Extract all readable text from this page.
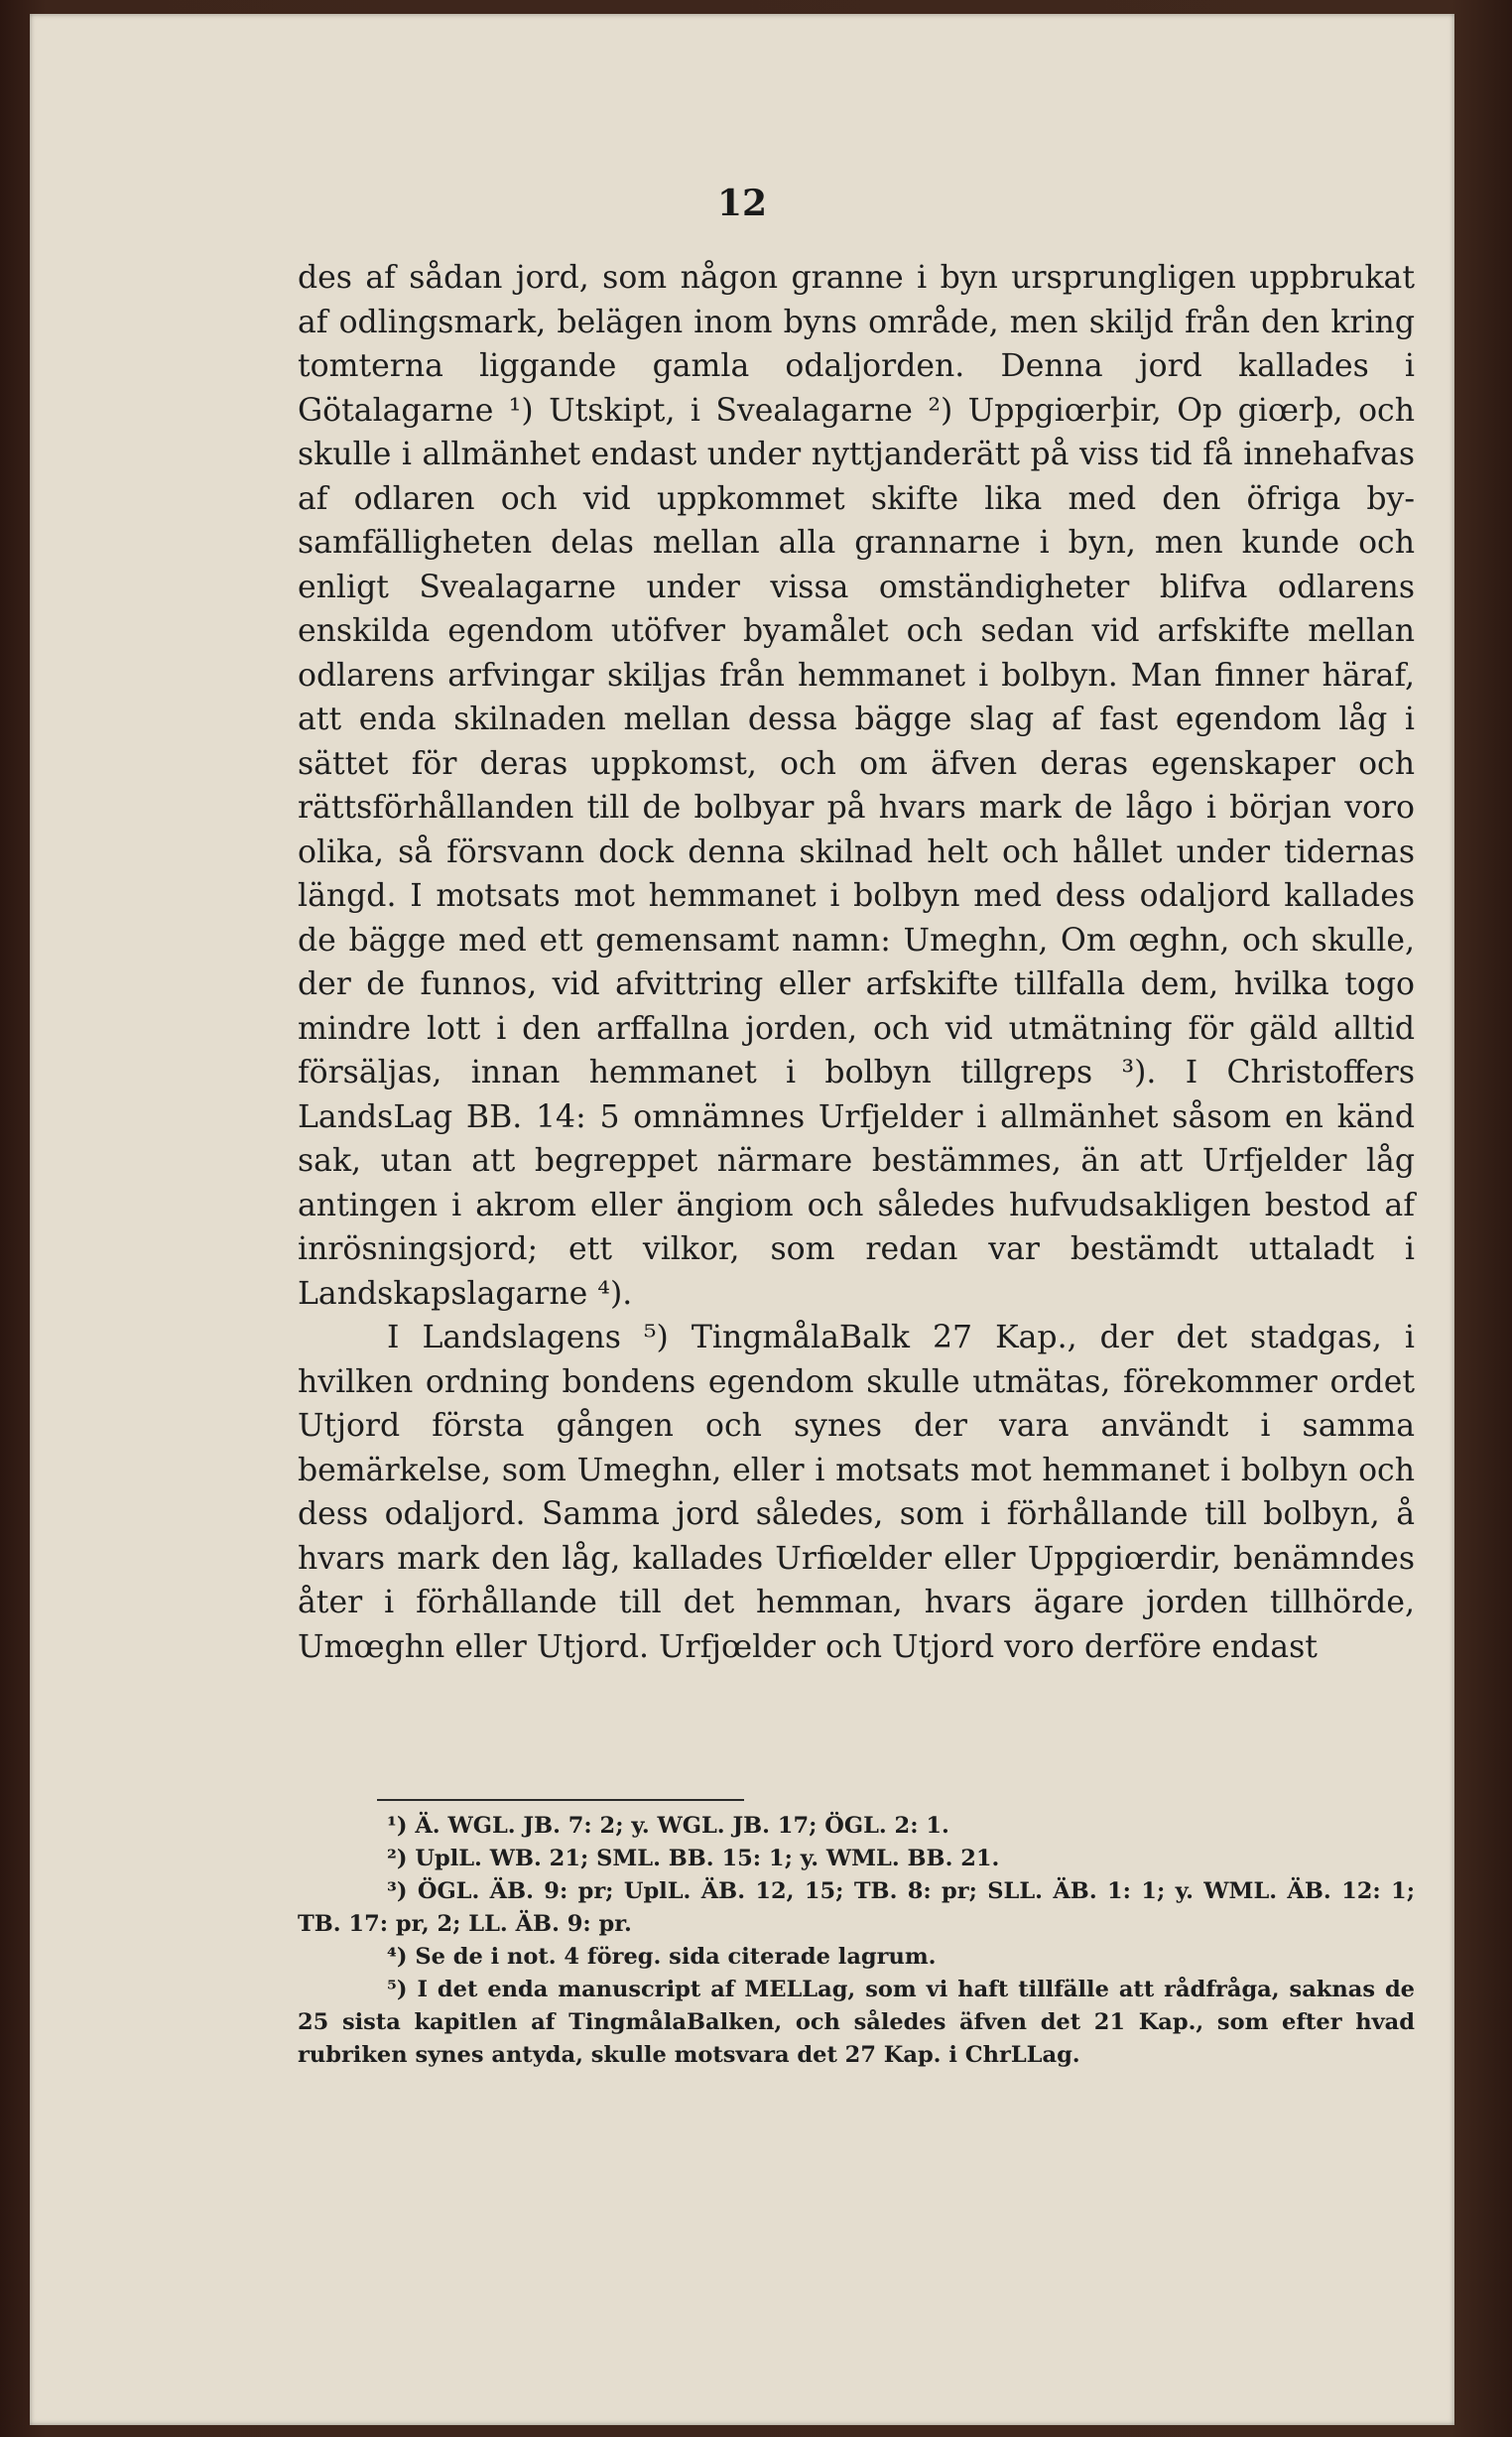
12

des af sådan jord, som någon granne i byn ursprungligen uppbrukat af odlingsmark, belägen inom byns område, men skiljd från den kring tomterna liggande gamla odaljorden. Denna jord kallades i Götalagarne ¹) Utskipt, i Svealagarne ²) Uppgiœrþir, Op giœrþ, och skulle i allmänhet endast under nyttjanderätt på viss tid få innehafvas af odlaren och vid uppkommet skifte lika med den öfriga by-samfälligheten delas mellan alla grannarne i byn, men kunde och enligt Svealagarne under vissa omständigheter blifva odlarens enskilda egendom utöfver byamålet och sedan vid arfskifte mellan odlarens arfvingar skiljas från hemmanet i bolbyn. Man finner häraf, att enda skilnaden mellan dessa bägge slag af fast egendom låg i sättet för deras uppkomst, och om äfven deras egenskaper och rättsförhållanden till de bolbyar på hvars mark de lågo i början voro olika, så försvann dock denna skilnad helt och hållet under tidernas längd. I motsats mot hemmanet i bolbyn med dess odaljord kallades de bägge med ett gemensamt namn: Umeghn, Om œghn, och skulle, der de funnos, vid afvittring eller arfskifte tillfalla dem, hvilka togo mindre lott i den arffallna jorden, och vid utmätning för gäld alltid försäljas, innan hemmanet i bolbyn tillgreps ³). I Christoffers LandsLag BB. 14: 5 omnämnes Urfjelder i allmänhet såsom en känd sak, utan att begreppet närmare bestämmes, än att Urfjelder låg antingen i akrom eller ängiom och således hufvudsakligen bestod af inrösningsjord; ett vilkor, som redan var bestämdt uttaladt i Landskapslagarne ⁴).

I Landslagens ⁵) TingmålaBalk 27 Kap., der det stadgas, i hvilken ordning bondens egendom skulle utmätas, förekommer ordet Utjord första gången och synes der vara användt i samma bemärkelse, som Umeghn, eller i motsats mot hemmanet i bolbyn och dess odaljord. Samma jord således, som i förhållande till bolbyn, å hvars mark den låg, kallades Urfiœlder eller Uppgiœrdir, benämndes åter i förhållande till det hemman, hvars ägare jorden tillhörde, Umœghn eller Utjord. Urfjœlder och Utjord voro derföre endast

¹) Ä. WGL. JB. 7: 2; y. WGL. JB. 17; ÖGL. 2: 1.

²) UplL. WB. 21; SML. BB. 15: 1; y. WML. BB. 21.

³) ÖGL. ÄB. 9: pr; UplL. ÄB. 12, 15; TB. 8: pr; SLL. ÄB. 1: 1; y. WML. ÄB. 12: 1; TB. 17: pr, 2; LL. ÄB. 9: pr.

⁴) Se de i not. 4 föreg. sida citerade lagrum.

⁵) I det enda manuscript af MELLag, som vi haft tillfälle att rådfråga, saknas de 25 sista kapitlen af TingmålaBalken, och således äfven det 21 Kap., som efter hvad rubriken synes antyda, skulle motsvara det 27 Kap. i ChrLLag.
